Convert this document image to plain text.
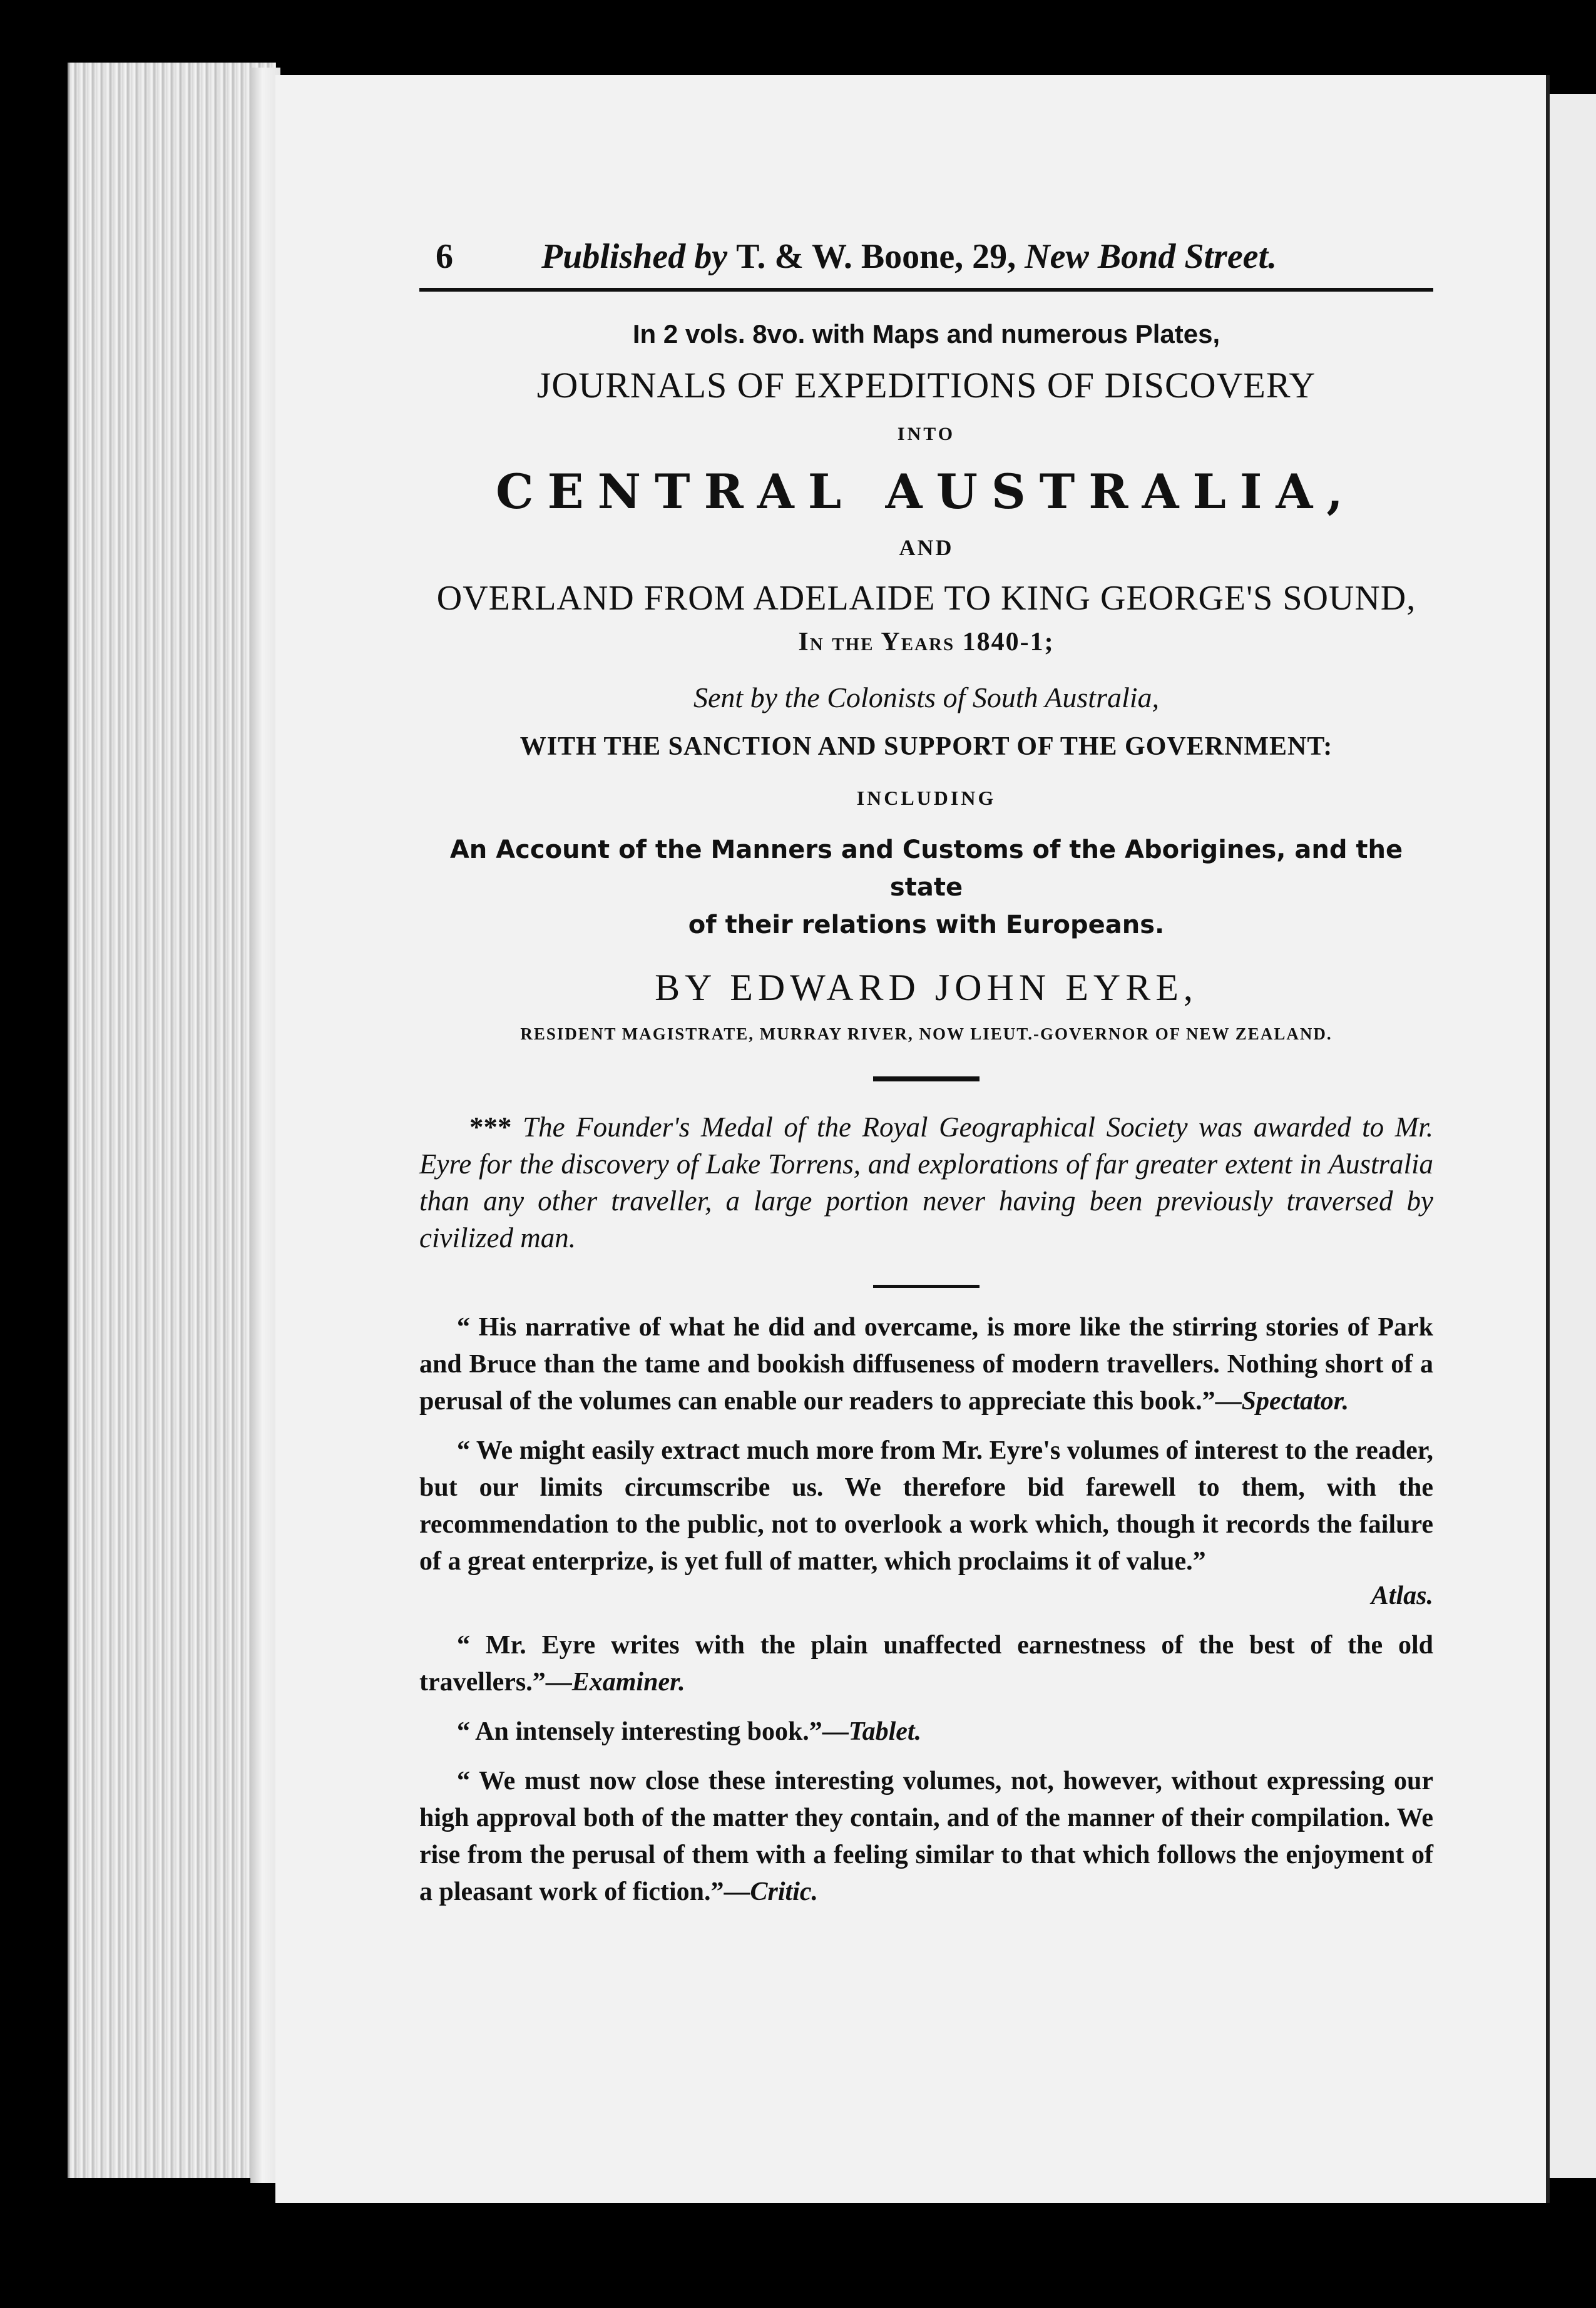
6	Published by T. & W. Boone, 29, New Bond Street.
In 2 vols. 8vo. with Maps and numerous Plates,
JOURNALS OF EXPEDITIONS OF DISCOVERY
INTO
CENTRAL AUSTRALIA,
AND
OVERLAND FROM ADELAIDE TO KING GEORGE'S SOUND,
In the Years 1840-1;
Sent by the Colonists of South Australia,
WITH THE SANCTION AND SUPPORT OF THE GOVERNMENT:
INCLUDING
An Account of the Manners and Customs of the Aborigines, and the state
of their relations with Europeans.
BY EDWARD JOHN EYRE,
RESIDENT MAGISTRATE, MURRAY RIVER, NOW LIEUT.-GOVERNOR OF NEW ZEALAND.

*** The Founder's Medal of the Royal Geographical Society was awarded to Mr. Eyre for the discovery of Lake Torrens, and explorations of far greater extent in Australia than any other traveller, a large portion never having been previously traversed by civilized man.

“ His narrative of what he did and overcame, is more like the stirring stories of Park and Bruce than the tame and bookish diffuseness of modern travellers. Nothing short of a perusal of the volumes can enable our readers to appreciate this book.”—Spectator.

“ We might easily extract much more from Mr. Eyre's volumes of interest to the reader, but our limits circumscribe us. We therefore bid farewell to them, with the recommendation to the public, not to overlook a work which, though it records the failure of a great enterprize, is yet full of matter, which proclaims it of value.”
Atlas.

“ Mr. Eyre writes with the plain unaffected earnestness of the best of the old travellers.”—Examiner.

“ An intensely interesting book.”—Tablet.

“ We must now close these interesting volumes, not, however, without expressing our high approval both of the matter they contain, and of the manner of their compilation. We rise from the perusal of them with a feeling similar to that which follows the enjoyment of a pleasant work of fiction.”—Critic.
